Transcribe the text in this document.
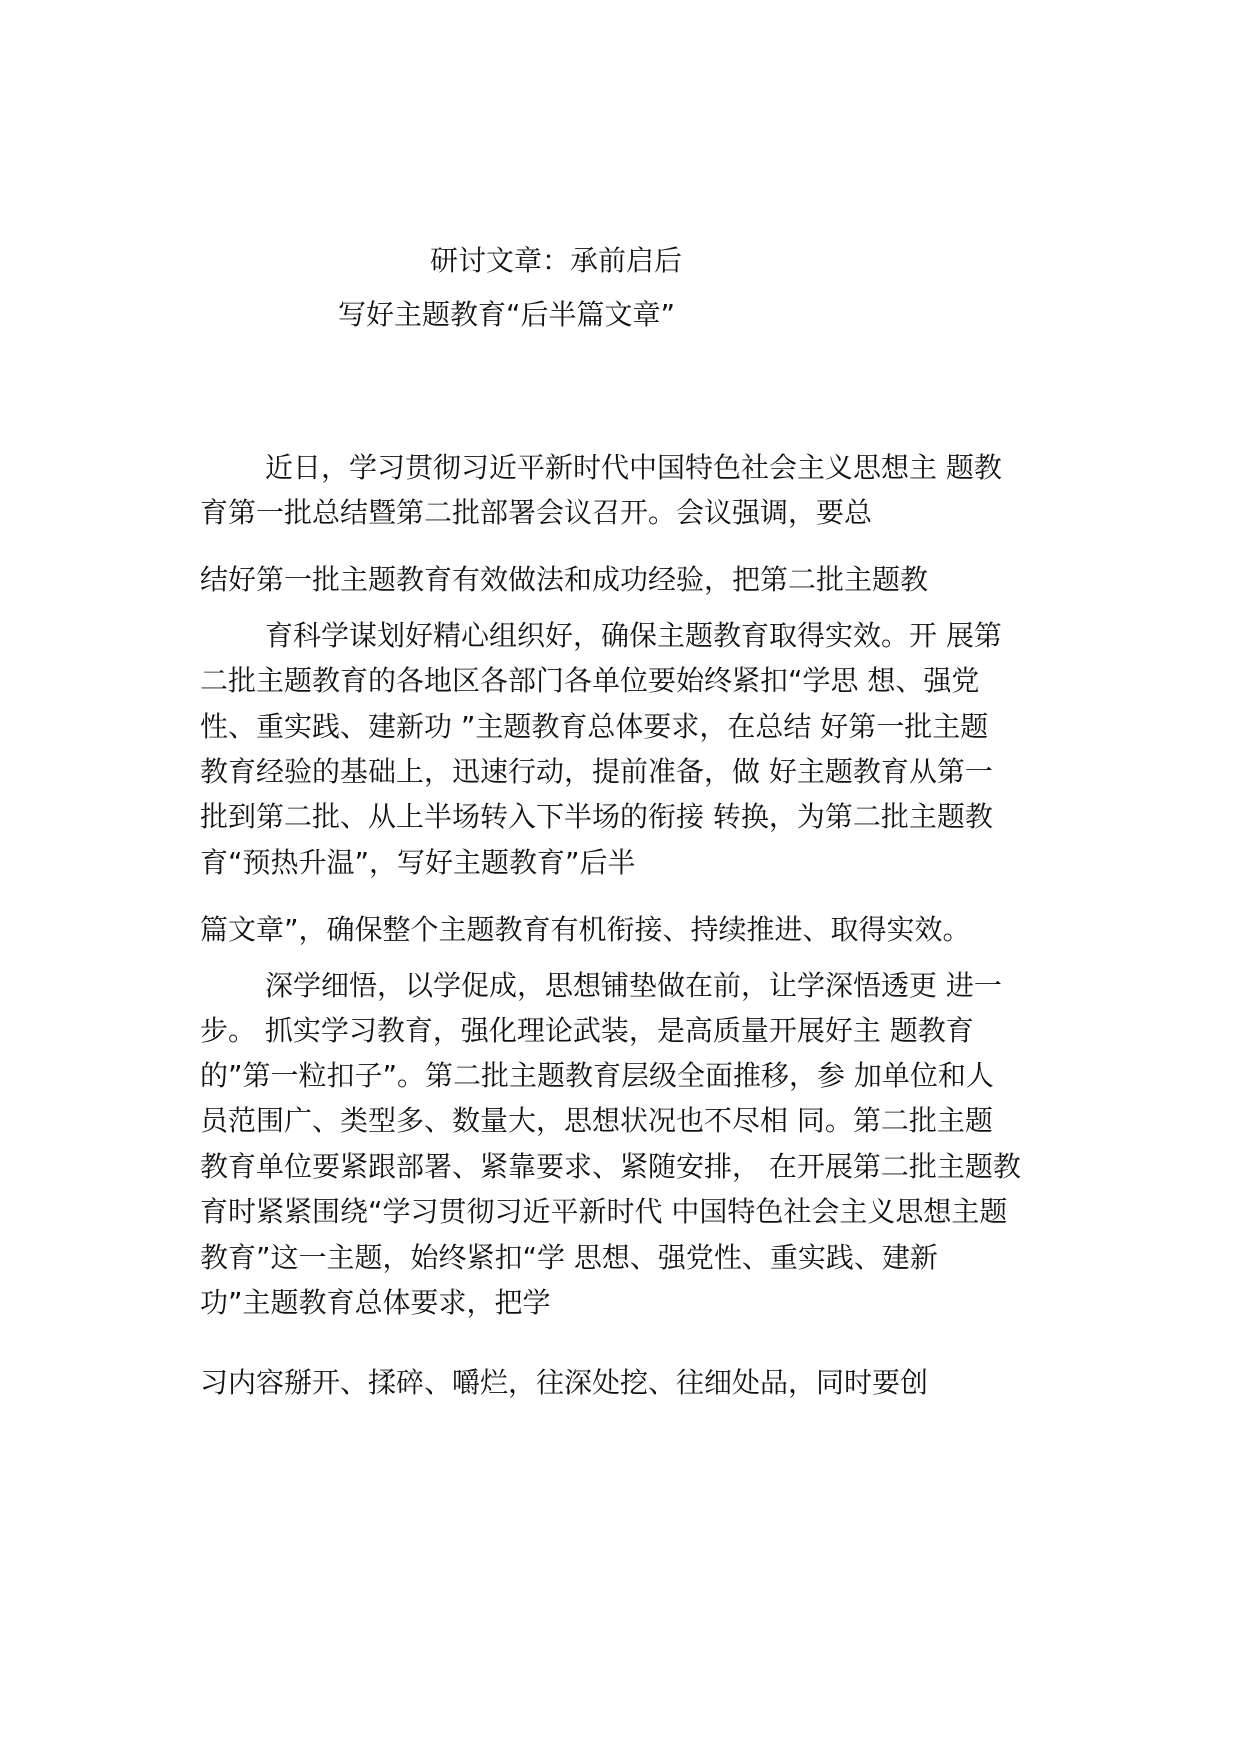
研讨文章：承前启后
写好主题教育“后半篇文章”
近日，学习贯彻习近平新时代中国特色社会主义思想主 题教
育第一批总结暨第二批部署会议召开。会议强调，要总
结好第一批主题教育有效做法和成功经验，把第二批主题教
育科学谋划好精心组织好，确保主题教育取得实效。开 展第
二批主题教育的各地区各部门各单位要始终紧扣“学思 想、强党
性、重实践、建新功 ”主题教育总体要求，在总结 好第一批主题
教育经验的基础上，迅速行动，提前准备，做 好主题教育从第一
批到第二批、从上半场转入下半场的衔接 转换，为第二批主题教
育“预热升温”，写好主题教育”后半
篇文章”，确保整个主题教育有机衔接、持续推进、取得实效。
深学细悟，以学促成，思想铺垫做在前，让学深悟透更 进一
步。 抓实学习教育，强化理论武装，是高质量开展好主 题教育
的”第一粒扣子”。第二批主题教育层级全面推移，参 加单位和人
员范围广、类型多、数量大，思想状况也不尽相 同。第二批主题
教育单位要紧跟部署、紧靠要求、紧随安排， 在开展第二批主题教
育时紧紧围绕“学习贯彻习近平新时代 中国特色社会主义思想主题
教育”这一主题，始终紧扣“学 思想、强党性、重实践、建新
功”主题教育总体要求，把学
习内容掰开、揉碎、嚼烂，往深处挖、往细处品，同时要创
